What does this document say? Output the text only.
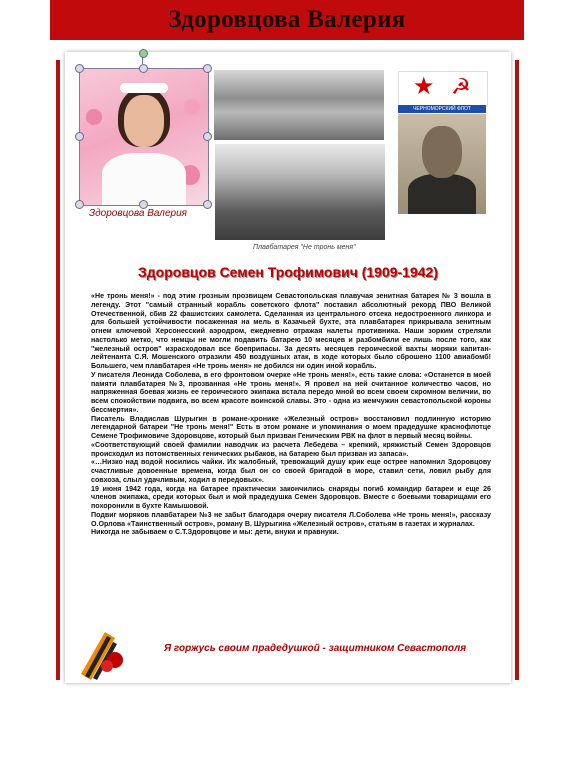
Здоровцова Валерия
Здоровцова Валерия
Плавбатарея "Не тронь меня"
★ ☭
ЧЕРНОМОРСКИЙ ФЛОТ
Здоровцов Семен Трофимович (1909-1942)

«Не тронь меня!» - под этим грозным прозвищем Севастопольская плавучая зенитная батарея № 3 вошла в легенду. Этот "самый странный корабль советского флота" поставил абсолютный рекорд ПВО Великой Отечественной, сбив 22 фашистских самолета. Сделанная из центрального отсека недостроенного линкора и для большей устойчивости посаженная на мель в Казачьей бухте, эта плавбатарея прикрывала зенитным огнем ключевой Херсонесский аэродром, ежедневно отражая налеты противника. Наши зорким стреляли настолько метко, что немцы не могли подавить батарею 10 месяцев и разбомбили ее лишь после того, как "железный остров" израсходовал все боеприпасы. За десять месяцев героической вахты моряки капитан-лейтенанта С.Я. Мошенского отразили 450 воздушных атак, в ходе которых было сброшено 1100 авиабомб! Большего, чем плавбатарея «Не тронь меня» не добился ни один иной корабль.

У писателя Леонида Соболева, в его фронтовом очерке «Не тронь меня!», есть такие слова: «Останется в моей памяти плавбатарея №3, прозванная «Не тронь меня!». Я провел на ней считанное количество часов, но напряженная боевая жизнь ее героического экипажа встала передо мной во всем своем скромном величии, во всем спокойствии подвига, во всем красоте воинской славы. Это - одна из жемчужин севастопольской короны бессмертия».

Писатель Владислав Шурыгин в романе-хронике «Железный остров» восстановил подлинную историю легендарной батареи "Не тронь меня!" Есть в этом романе и упоминания о моем прадедушке краснофлотце Семене Трофимовиче Здоровцове, который был призван Геническим РВК на флот в первый месяц войны.

«Соответствующий своей фамилии наводчик из расчета Лебедева – крепкий, кряжистый Семен Здоровцов происходил из потомственных генических рыбаков, на батарею был призван из запаса».

«…Низко над водой носились чайки. Их жалобный, тревожащий душу крик еще острее напомнил Здоровцову счастливые довоенные времена, когда был он со своей бригадой в море, ставил сети, ловил рыбу для совхоза, слыл удачливым, ходил в передовых».

19 июня 1942 года, когда на батарее практически закончились снаряды погиб командир батареи и еще 26 членов экипажа, среди которых был и мой прадедушка Семен Здоровцов. Вместе с боевыми товарищами его похоронили в бухте Камышовой.

Подвиг моряков плавбатареи №3 не забыт благодаря очерку писателя Л.Соболева «Не тронь меня!», рассказу О.Орлова «Таинственный остров», роману В. Шурыгина «Железный остров», статьям в газетах и журналах.

Никогда не забываем о С.Т.Здоровцове и мы: дети, внуки и правнуки.

Я горжусь своим прадедушкой - защитником Севастополя
